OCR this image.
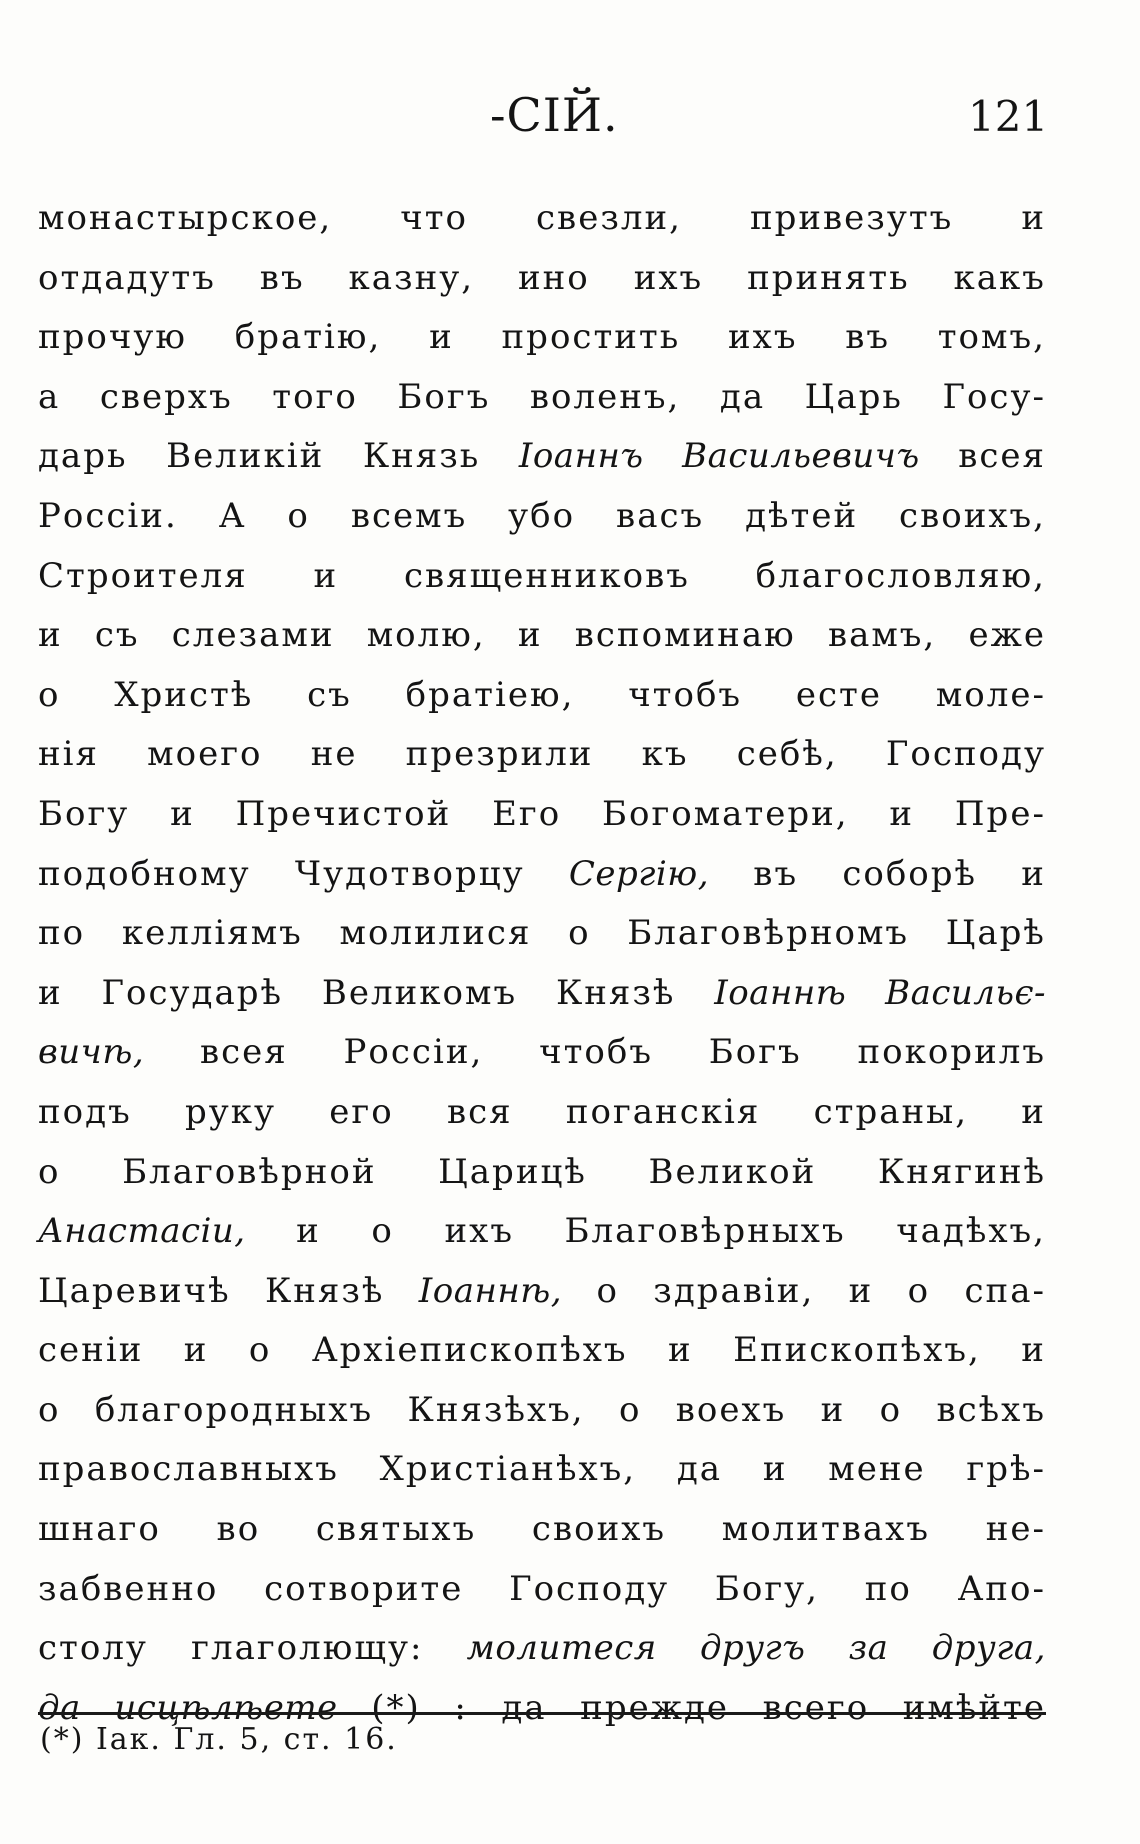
-СІЙ.	121
монастырское, что свезли, привезутъ и
отдадутъ въ казну, ино ихъ принять какъ
прочую братію, и простить ихъ въ томъ,
а сверхъ того Богъ воленъ, да Царь Госу-
дарь Великій Князь Іоаннъ Васильевичъ всея
Россіи. А о всемъ убо васъ дѣтей своихъ,
Строителя и священниковъ благословляю,
и съ слезами молю, и вспоминаю вамъ, еже
о Христѣ съ братіею, чтобъ есте моле-
нія моего не презрили къ себѣ, Господу
Богу и Пречистой Его Богоматери, и Пре-
подобному Чудотворцу Сергію, въ соборѣ и
по келліямъ молилися о Благовѣрномъ Царѣ
и Государѣ Великомъ Князѣ Іоаннѣ Васильє-
вичѣ, всея Россіи, чтобъ Богъ покорилъ
подъ руку его вся поганскія страны, и
о Благовѣрной Царицѣ Великой Княгинѣ
Анастасіи, и о ихъ Благовѣрныхъ чадѣхъ,
Царевичѣ Князѣ Іоаннѣ, о здравіи, и о спа-
сеніи и о Архіепископѣхъ и Епископѣхъ, и
о благородныхъ Князѣхъ, о воехъ и о всѣхъ
православныхъ Христіанѣхъ, да и мене грѣ-
шнаго во святыхъ своихъ молитвахъ не-
забвенно сотворите Господу Богу, по Апо-
столу глаголющу: молитеся другъ за друга,
да исцѣлѣете (*) : да прежде всего имѣйте
(*) Іак. Гл. 5, ст. 16.
